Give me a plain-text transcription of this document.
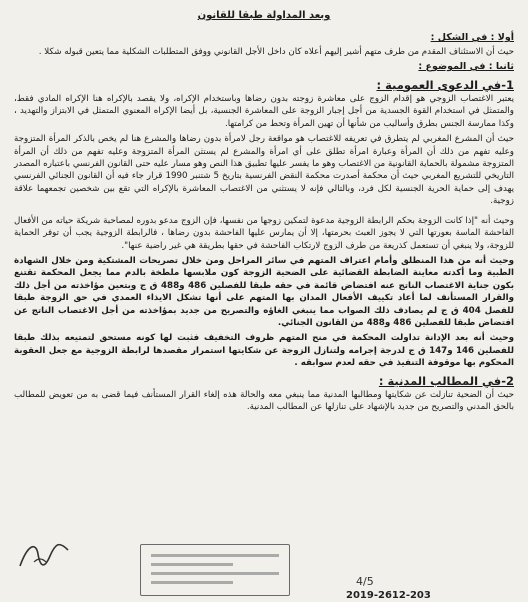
وبعد المداولة طبقا للقانون
أولا : في الشكل :

حيث أن الاستئناف المقدم من طرف متهم أشير إليهم أعلاه كان داخل الأجل القانوني ووفق المتطلبات الشكلية مما يتعين قبوله شكلا .

ثانيا : في الموضوع :
1-في الدعوى العمومية :

يعتبر الاغتصاب الزوجي هو إقدام الزوج على معاشرة زوجته بدون رضاها وباستخدام الإكراه، ولا يقصد بالإكراه هنا الإكراه المادي فقط، والمتمثل في استخدام القوة الجسدية من أجل إجبار الزوجة على المعاشرة الجنسية، بل أيضا الإكراه المعنوي المتمثل في الابتزاز والتهديد ، وكذا ممارسة الجنس بطرق وأساليب من شأنها أن تهين المرأة وتحط من كرامتها.

حيث أن المشرع المغربي لم يتطرق في تعريفه للاغتصاب هو مواقعة رجل لامرأة بدون رضاها والمشرع هنا لم يخص بالذكر المرأة المتزوجة وعليه تفهم من ذلك أن المرأة وعبارة امرأة تطلق على أي امرأة والمشرع لم يستثن المرأة المتزوجة وعليه تفهم من ذلك أن المرأة المتزوجة مشمولة بالحماية القانونية من الاغتصاب وهو ما يفسر عليها تطبيق هذا النص وهو مسار عليه حتى القانون الفرنسي باعتباره المصدر التاريخي للتشريع المغربي حيث أن محكمة أصدرت محكمة النقض الفرنسية بتاريخ 5 شتنبر 1990 قرار جاء فيه أن القانون الجنائي الفرنسي يهدف إلى حماية الحرية الجنسية لكل فرد، وبالتالي فإنه لا يستثني من الاغتصاب المعاشرة بالإكراه التي تقع بين شخصين تجمعهما علاقة زوجية.

وحيث أنه "إذا كانت الزوجة بحكم الرابطة الزوجية مدعوة لتمكين زوجها من نفسها، فإن الزوج مدعو بدوره لمصاحبة شريكة حياته من الأفعال الفاحشة الماسة بعورتها التي لا يجوز العبث بحرمتها، إلا أن يمارس عليها الفاحشة بدون رضاها ، فالرابطة الزوجية يجب أن توفر الحماية للزوجة، ولا ينبغي أن تستعمل كذريعة من طرف الزوج لارتكاب الفاحشة في حقها بطريقة هي غير راضية عنها".

وحيث أنه من هذا المنطلق وأمام اعتراف المتهم في سائر المراحل ومن خلال تصريحات المشتكية ومن خلال الشهادة الطبية وما أكدته معاينة الضابطة القضائية على الضحية الزوجة كون ملابسها ملطخة بالدم مما يجعل المحكمة تقتنع بكون جناية الاغتصاب الناتج عنه افتضاض قائمة في حقه طبقا للفصلين 486 و488 ق ج وبتعين مؤاخذته من أجل ذلك والقرار المستأنف لما أعاد تكييف الأفعال المدان بها المتهم على أنها تشكل الايذاء العمدي في حق الزوجة طبقا للفصل 404 ق ج لم يصادف ذلك الصواب مما ينبغي الغاؤه والتصريح من جديد بمؤاخذته من أجل الاغتصاب الناتج عن افتضاض طبقا للفصلين 486 و488 من القانون الجنائي.

وحيث أنه بعد الإدانة تداولت المحكمة في منح المتهم ظروف التخفيف فثبت لها كونه مستحق لتمتيعه بذلك طبقا للفصلين 146 و147 ق ج لدرجة إجرامه ولتنازل الزوجة عن شكايتها استمرار مقصدها لرابطة الزوجية مع جعل العقوبة المحكوم بها موقوفة التنفيذ في حقه لعدم سوابقه .

2-في المطالب المدنية :

حيث أن الضحية تنازلت عن شكايتها ومطالبها المدنية مما ينبغي معه والحالة هذه إلغاء القرار المستأنف فيما قضى به من تعويض للمطالب بالحق المدني والتصريح من جديد بالإشهاد على تنازلها عن المطالب المدنية.

4/5
2019-2612-203
